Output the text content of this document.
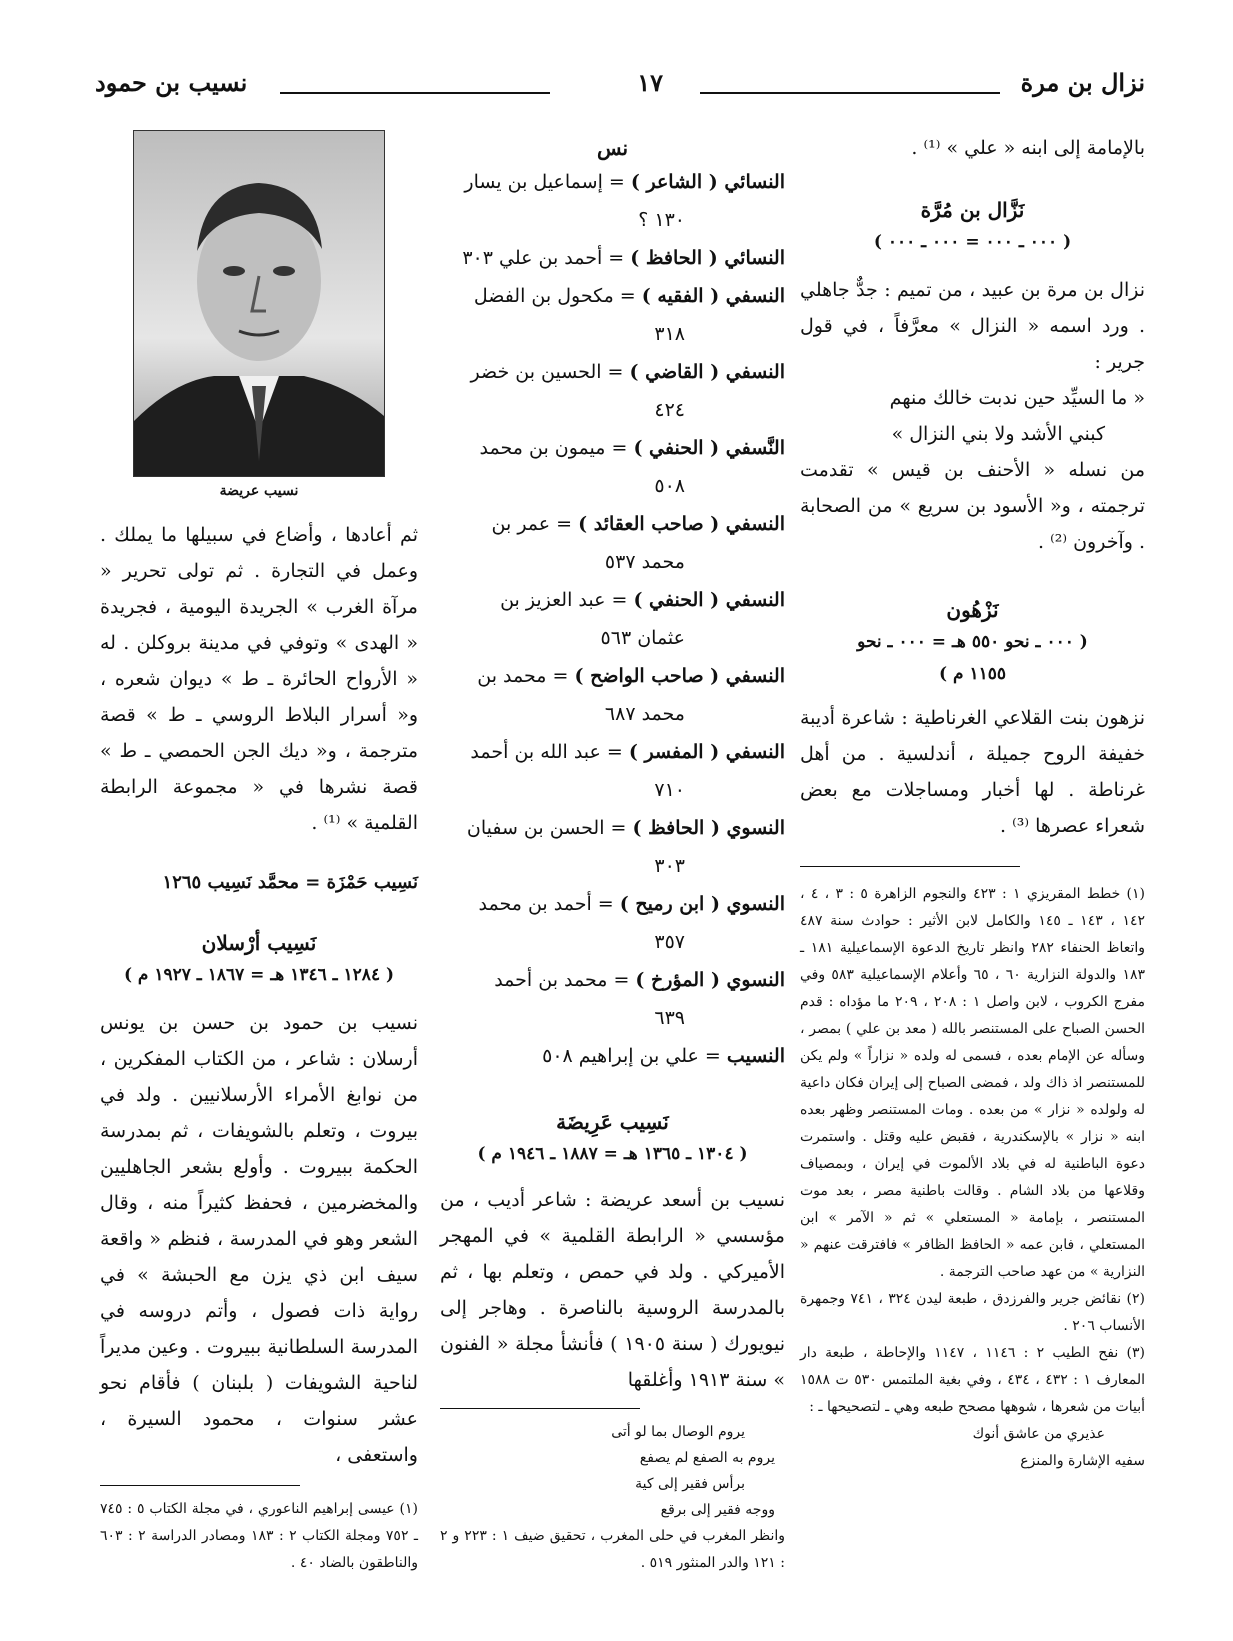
نزال بن مرة
١٧
نسيب بن حمود

بالإمامة إلى ابنه « علي » ⁽¹⁾ .

نَزَّال بن مُرَّة

( ٠٠٠ ـ ٠٠٠ = ٠٠٠ ـ ٠٠٠ )

نزال بن مرة بن عبيد ، من تميم : جدٌّ جاهلي . ورد اسمه « النزال » معرَّفاً ، في قول جرير :

« ما السيِّد حين ندبت خالك منهم

كبني الأشد ولا بني النزال »

من نسله « الأحنف بن قيس » تقدمت ترجمته ، و« الأسود بن سريع » من الصحابة . وآخرون ⁽²⁾ .

نَزْهُون

( ٠٠٠ ـ نحو ٥٥٠ هـ = ٠٠٠ ـ نحو

١١٥٥ م )

نزهون بنت القلاعي الغرناطية : شاعرة أديبة خفيفة الروح جميلة ، أندلسية . من أهل غرناطة . لها أخبار ومساجلات مع بعض شعراء عصرها ⁽³⁾ .

(١) خطط المقريزي ١ : ٤٢٣ والنجوم الزاهرة ٥ : ٣ ، ٤ ، ١٤٢ ، ١٤٣ ـ ١٤٥ والكامل لابن الأثير : حوادث سنة ٤٨٧ واتعاظ الحنفاء ٢٨٢ وانظر تاريخ الدعوة الإسماعيلية ١٨١ ـ ١٨٣ والدولة النزارية ٦٠ ، ٦٥ وأعلام الإسماعيلية ٥٨٣ وفي مفرج الكروب ، لابن واصل ١ : ٢٠٨ ، ٢٠٩ ما مؤداه : قدم الحسن الصباح على المستنصر بالله ( معد بن علي ) بمصر ، وسأله عن الإمام بعده ، فسمى له ولده « نزاراً » ولم يكن للمستنصر اذ ذاك ولد ، فمضى الصباح إلى إيران فكان داعية له ولولده « نزار » من بعده . ومات المستنصر وظهر بعده ابنه « نزار » بالإسكندرية ، فقبض عليه وقتل . واستمرت دعوة الباطنية له في بلاد الألموت في إيران ، وبمصياف وقلاعها من بلاد الشام . وقالت باطنية مصر ، بعد موت المستنصر ، بإمامة « المستعلي » ثم « الآمر » ابن المستعلي ، فابن عمه « الحافظ الظافر » فافترقت عنهم « النزارية » من عهد صاحب الترجمة .

(٢) نقائض جرير والفرزدق ، طبعة ليدن ٣٢٤ ، ٧٤١ وجمهرة الأنساب ٢٠٦ .

(٣) نفح الطيب ٢ : ١١٤٦ ، ١١٤٧ والإحاطة ، طبعة دار المعارف ١ : ٤٣٢ ، ٤٣٤ ، وفي بغية الملتمس ٥٣٠ ت ١٥٨٨ أبيات من شعرها ، شوهها مصحح طبعه وهي ـ لتصحيحها ـ :

عذيري من عاشق أنوك

سفيه الإشارة والمنزع

نس

النسائي ( الشاعر ) = إسماعيل بن يسار

١٣٠ ؟

النسائي ( الحافظ ) = أحمد بن علي ٣٠٣

النسفي ( الفقيه ) = مكحول بن الفضل

٣١٨

النسفي ( القاضي ) = الحسين بن خضر

٤٢٤

النَّسفي ( الحنفي ) = ميمون بن محمد

٥٠٨

النسفي ( صاحب العقائد ) = عمر بن

محمد ٥٣٧

النسفي ( الحنفي ) = عبد العزيز بن

عثمان ٥٦٣

النسفي ( صاحب الواضح ) = محمد بن

محمد ٦٨٧

النسفي ( المفسر ) = عبد الله بن أحمد

٧١٠

النسوي ( الحافظ ) = الحسن بن سفيان

٣٠٣

النسوي ( ابن رميح ) = أحمد بن محمد

٣٥٧

النسوي ( المؤرخ ) = محمد بن أحمد

٦٣٩

النسيب = علي بن إبراهيم ٥٠٨

نَسِيب عَرِيضَة

( ١٣٠٤ ـ ١٣٦٥ هـ = ١٨٨٧ ـ ١٩٤٦ م )

نسيب بن أسعد عريضة : شاعر أديب ، من مؤسسي « الرابطة القلمية » في المهجر الأميركي . ولد في حمص ، وتعلم بها ، ثم بالمدرسة الروسية بالناصرة . وهاجر إلى نيويورك ( سنة ١٩٠٥ ) فأنشأ مجلة « الفنون » سنة ١٩١٣ وأغلقها

يروم الوصال بما لو أتى

يروم به الصفع لم يصفع

برأس فقير إلى كية

ووجه فقير إلى برقع

وانظر المغرب في حلى المغرب ، تحقيق ضيف ١ : ٢٢٣ و ٢ : ١٢١ والدر المنثور ٥١٩ .

نسيب عريضة

ثم أعادها ، وأضاع في سبيلها ما يملك . وعمل في التجارة . ثم تولى تحرير « مرآة الغرب » الجريدة اليومية ، فجريدة « الهدى » وتوفي في مدينة بروكلن . له « الأرواح الحائرة ـ ط » ديوان شعره ، و« أسرار البلاط الروسي ـ ط » قصة مترجمة ، و« ديك الجن الحمصي ـ ط » قصة نشرها في « مجموعة الرابطة القلمية » ⁽¹⁾ .

نَسِيب حَمْزَة = محمَّد نَسِيب ١٢٦٥

نَسِيب أرْسلان

( ١٢٨٤ ـ ١٣٤٦ هـ = ١٨٦٧ ـ ١٩٢٧ م )

نسيب بن حمود بن حسن بن يونس أرسلان : شاعر ، من الكتاب المفكرين ، من نوابغ الأمراء الأرسلانيين . ولد في بيروت ، وتعلم بالشويفات ، ثم بمدرسة الحكمة ببيروت . وأولع بشعر الجاهليين والمخضرمين ، فحفظ كثيراً منه ، وقال الشعر وهو في المدرسة ، فنظم « واقعة سيف ابن ذي يزن مع الحبشة » في رواية ذات فصول ، وأتم دروسه في المدرسة السلطانية ببيروت . وعين مديراً لناحية الشويفات ( بلبنان ) فأقام نحو عشر سنوات ، محمود السيرة ، واستعفى ،

(١) عيسى إبراهيم الناعوري ، في مجلة الكتاب ٥ : ٧٤٥ ـ ٧٥٢ ومجلة الكتاب ٢ : ١٨٣ ومصادر الدراسة ٢ : ٦٠٣ والناطقون بالضاد ٤٠ .
